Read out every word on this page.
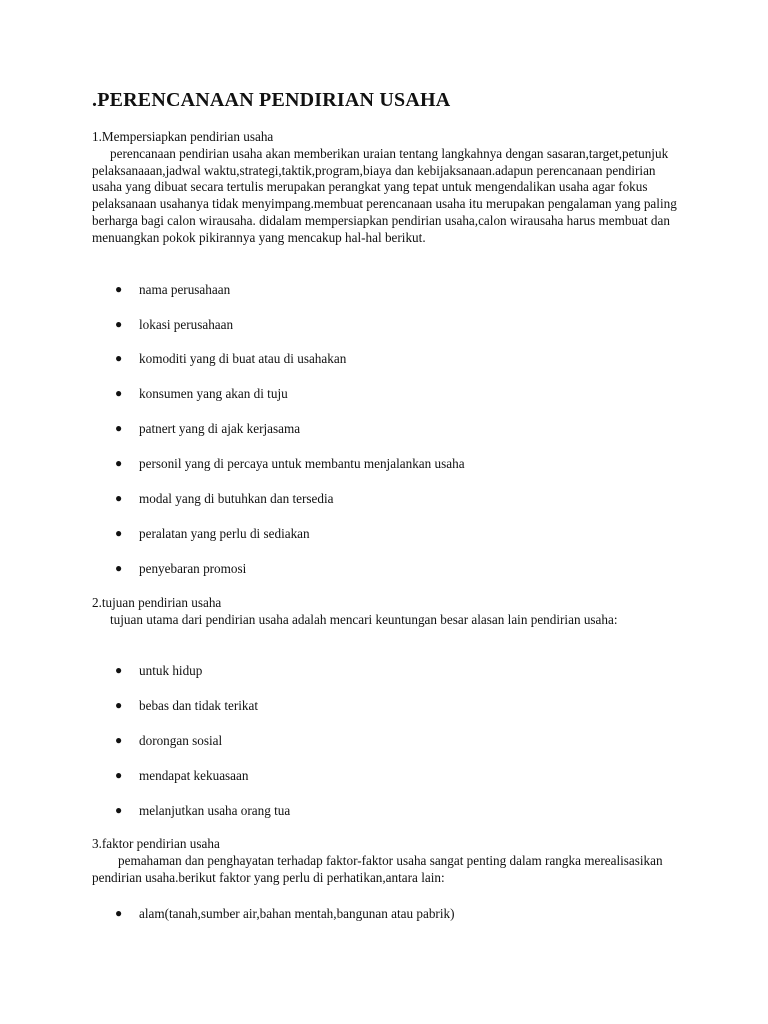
.PERENCANAAN PENDIRIAN USAHA

1.Mempersiapkan pendirian usaha

perencanaan pendirian usaha akan memberikan uraian tentang langkahnya dengan sasaran,target,petunjuk pelaksanaaan,jadwal waktu,strategi,taktik,program,biaya dan kebijaksanaan.adapun perencanaan pendirian usaha yang dibuat secara tertulis merupakan perangkat yang tepat untuk mengendalikan usaha agar fokus pelaksanaan usahanya tidak menyimpang.membuat perencanaan usaha itu merupakan pengalaman yang paling berharga bagi calon wirausaha. didalam mempersiapkan pendirian usaha,calon wirausaha harus membuat dan menuangkan pokok pikirannya yang mencakup hal-hal berikut.

● nama perusahaan
● lokasi perusahaan
● komoditi yang di buat atau di usahakan
● konsumen yang akan di tuju
● patnert yang di ajak kerjasama
● personil yang di percaya untuk membantu menjalankan usaha
● modal yang di butuhkan dan tersedia
● peralatan yang perlu di sediakan
● penyebaran promosi

2.tujuan pendirian usaha

tujuan utama dari pendirian usaha adalah mencari keuntungan besar alasan lain pendirian usaha:

● untuk hidup
● bebas dan tidak terikat
● dorongan sosial
● mendapat kekuasaan
● melanjutkan usaha orang tua

3.faktor pendirian usaha

pemahaman dan penghayatan terhadap faktor-faktor usaha sangat penting dalam rangka merealisasikan pendirian usaha.berikut faktor yang perlu di perhatikan,antara lain:

● alam(tanah,sumber air,bahan mentah,bangunan atau pabrik)
